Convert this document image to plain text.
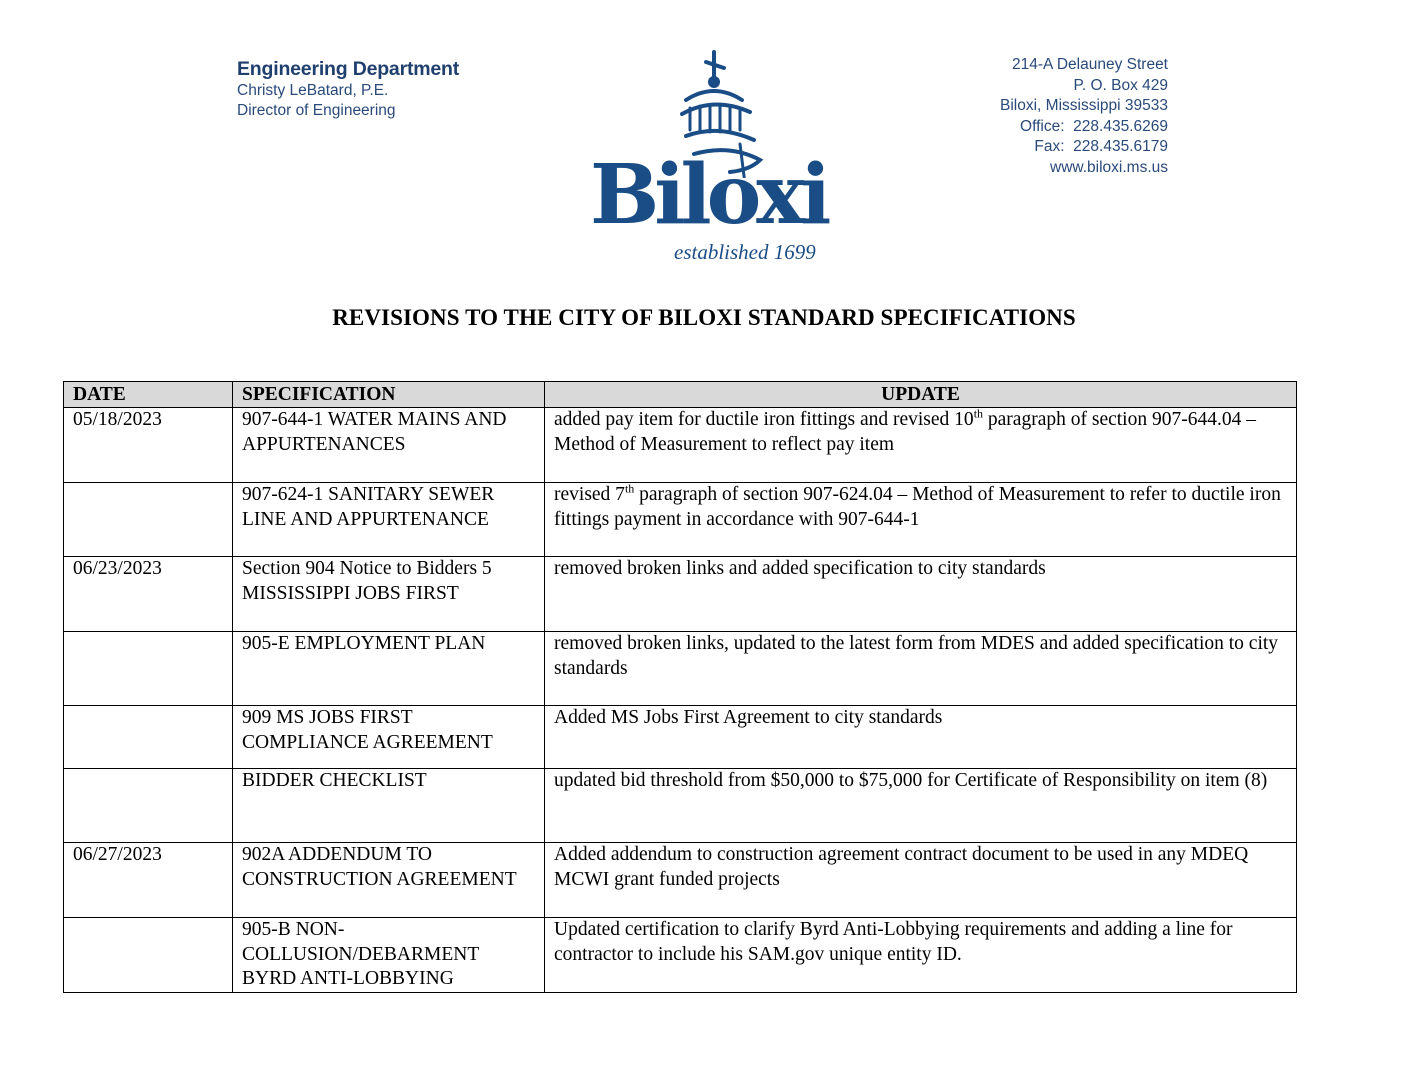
Engineering Department
Christy LeBatard, P.E.
Director of Engineering
Biloxi
established 1699
214-A Delauney Street
P. O. Box 429
Biloxi, Mississippi 39533
Office:  228.435.6269
Fax:  228.435.6179
www.biloxi.ms.us
REVISIONS TO THE CITY OF BILOXI STANDARD SPECIFICATIONS
DATE	SPECIFICATION	UPDATE
05/18/2023	907-644-1 WATER MAINS AND APPURTENANCES	added pay item for ductile iron fittings and revised 10th paragraph of section 907-644.04 – Method of Measurement to reflect pay item
	907-624-1 SANITARY SEWER LINE AND APPURTENANCE	revised 7th paragraph of section 907-624.04 – Method of Measurement to refer to ductile iron fittings payment in accordance with 907-644-1
06/23/2023	Section 904 Notice to Bidders 5 MISSISSIPPI JOBS FIRST	removed broken links and added specification to city standards
	905-E EMPLOYMENT PLAN	removed broken links, updated to the latest form from MDES and added specification to city standards
	909 MS JOBS FIRST COMPLIANCE AGREEMENT	Added MS Jobs First Agreement to city standards
	BIDDER CHECKLIST	updated bid threshold from $50,000 to $75,000 for Certificate of Responsibility on item (8)
06/27/2023	902A ADDENDUM TO CONSTRUCTION AGREEMENT	Added addendum to construction agreement contract document to be used in any MDEQ MCWI grant funded projects
	905-B NON-COLLUSION/DEBARMENT BYRD ANTI-LOBBYING	Updated certification to clarify Byrd Anti-Lobbying requirements and adding a line for contractor to include his SAM.gov unique entity ID.
